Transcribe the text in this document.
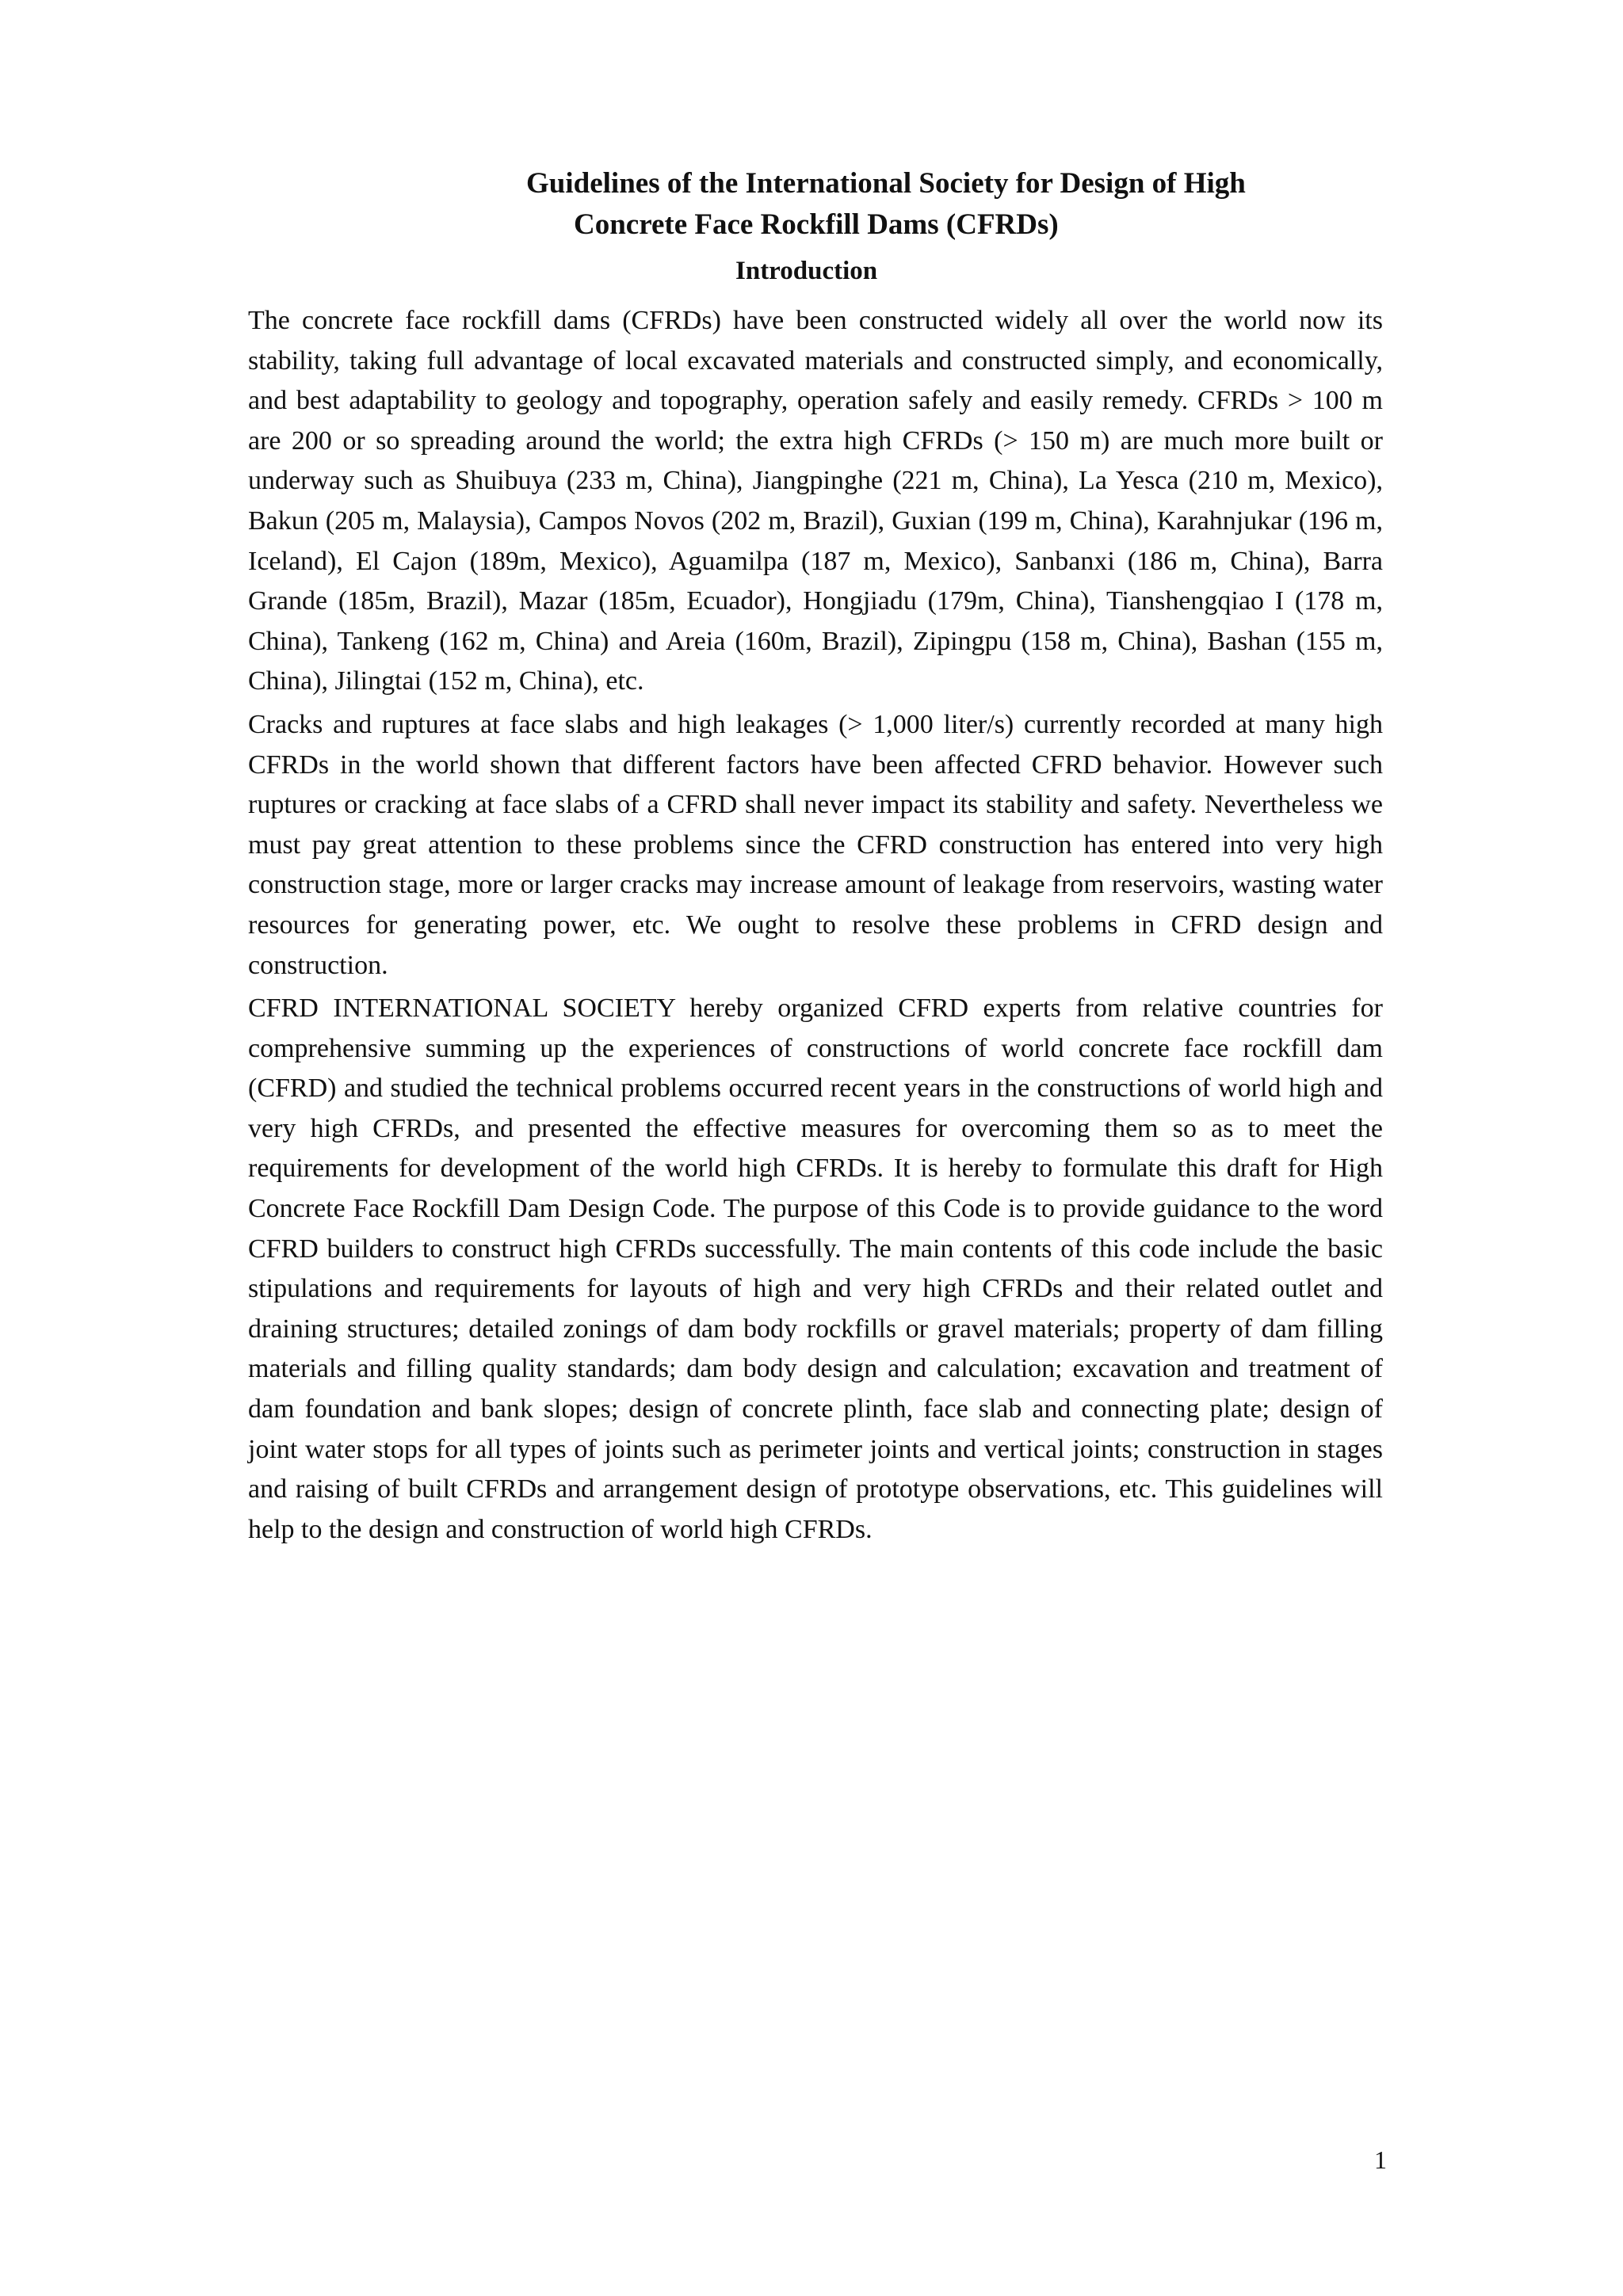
Guidelines of the International Society for Design of High
Concrete Face Rockfill Dams (CFRDs)
Introduction

The concrete face rockfill dams (CFRDs) have been constructed widely all over the world now its stability, taking full advantage of local excavated materials and constructed simply, and economically, and best adaptability to geology and topography, operation safely and easily remedy. CFRDs > 100 m are 200 or so spreading around the world; the extra high CFRDs (> 150 m) are much more built or underway such as Shuibuya (233 m, China), Jiangpinghe (221 m, China), La Yesca (210 m, Mexico), Bakun (205 m, Malaysia), Campos Novos (202 m, Brazil), Guxian (199 m, China), Karahnjukar (196 m, Iceland), El Cajon (189m, Mexico), Aguamilpa (187 m, Mexico), Sanbanxi (186 m, China), Barra Grande (185m, Brazil), Mazar (185m, Ecuador), Hongjiadu (179m, China), Tianshengqiao I (178 m, China), Tankeng (162 m, China) and Areia (160m, Brazil), Zipingpu (158 m, China), Bashan (155 m, China), Jilingtai (152 m, China), etc.

Cracks and ruptures at face slabs and high leakages (> 1,000 liter/s) currently recorded at many high CFRDs in the world shown that different factors have been affected CFRD behavior. However such ruptures or cracking at face slabs of a CFRD shall never impact its stability and safety. Nevertheless we must pay great attention to these problems since the CFRD construction has entered into very high construction stage, more or larger cracks may increase amount of leakage from reservoirs, wasting water resources for generating power, etc. We ought to resolve these problems in CFRD design and construction.

CFRD INTERNATIONAL SOCIETY hereby organized CFRD experts from relative countries for comprehensive summing up the experiences of constructions of world concrete face rockfill dam (CFRD) and studied the technical problems occurred recent years in the constructions of world high and very high CFRDs, and presented the effective measures for overcoming them so as to meet the requirements for development of the world high CFRDs. It is hereby to formulate this draft for High Concrete Face Rockfill Dam Design Code. The purpose of this Code is to provide guidance to the word CFRD builders to construct high CFRDs successfully. The main contents of this code include the basic stipulations and requirements for layouts of high and very high CFRDs and their related outlet and draining structures; detailed zonings of dam body rockfills or gravel materials; property of dam filling materials and filling quality standards; dam body design and calculation; excavation and treatment of dam foundation and bank slopes; design of concrete plinth, face slab and connecting plate; design of joint water stops for all types of joints such as perimeter joints and vertical joints; construction in stages and raising of built CFRDs and arrangement design of prototype observations, etc. This guidelines will help to the design and construction of world high CFRDs.

1
